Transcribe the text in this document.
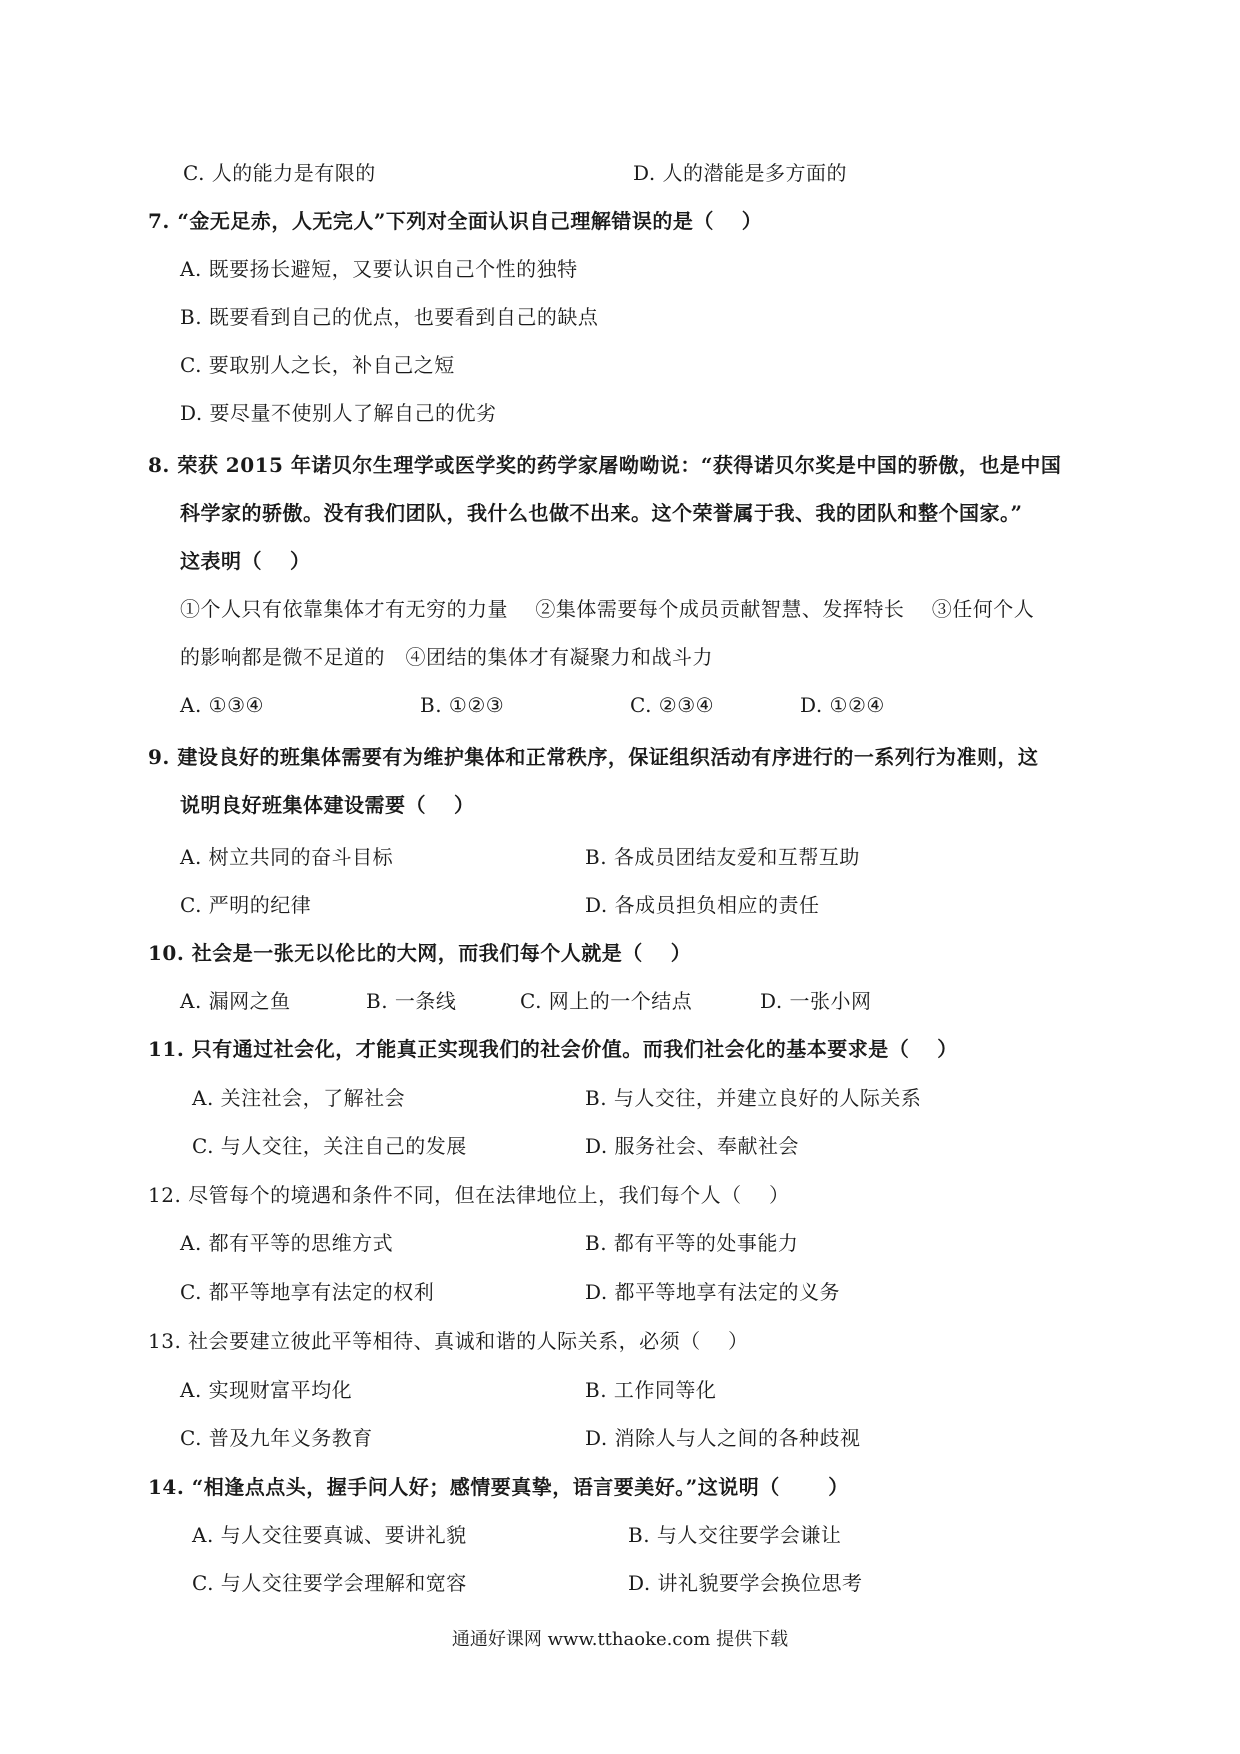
C. 人的能力是有限的	D. 人的潜能是多方面的
7. “金无足赤，人无完人”下列对全面认识自己理解错误的是（　 ）
A. 既要扬长避短，又要认识自己个性的独特
B. 既要看到自己的优点，也要看到自己的缺点
C. 要取别人之长，补自己之短
D. 要尽量不使别人了解自己的优劣
8. 荣获 2015 年诺贝尔生理学或医学奖的药学家屠呦呦说：“获得诺贝尔奖是中国的骄傲，也是中国
科学家的骄傲。没有我们团队，我什么也做不出来。这个荣誉属于我、我的团队和整个国家。”
这表明（　 ）
①个人只有依靠集体才有无穷的力量　 ②集体需要每个成员贡献智慧、发挥特长　 ③任何个人
的影响都是微不足道的　④团结的集体才有凝聚力和战斗力
A. ①③④	B. ①②③	C. ②③④	D. ①②④
9. 建设良好的班集体需要有为维护集体和正常秩序，保证组织活动有序进行的一系列行为准则，这
说明良好班集体建设需要（　 ）
A. 树立共同的奋斗目标	B. 各成员团结友爱和互帮互助
C. 严明的纪律	D. 各成员担负相应的责任
10. 社会是一张无以伦比的大网，而我们每个人就是（　 ）
A. 漏网之鱼	B. 一条线	C. 网上的一个结点	D. 一张小网
11. 只有通过社会化，才能真正实现我们的社会价值。而我们社会化的基本要求是（　 ）
A. 关注社会，了解社会	B. 与人交往，并建立良好的人际关系
C. 与人交往，关注自己的发展	D. 服务社会、奉献社会
12. 尽管每个的境遇和条件不同，但在法律地位上，我们每个人（　 ）
A. 都有平等的思维方式	B. 都有平等的处事能力
C. 都平等地享有法定的权利	D. 都平等地享有法定的义务
13. 社会要建立彼此平等相待、真诚和谐的人际关系，必须（　 ）
A. 实现财富平均化	B. 工作同等化
C. 普及九年义务教育	D. 消除人与人之间的各种歧视
14. “相逢点点头，握手问人好；感情要真挚，语言要美好。”这说明（　　 ）
A. 与人交往要真诚、要讲礼貌	B. 与人交往要学会谦让
C. 与人交往要学会理解和宽容	D. 讲礼貌要学会换位思考
通通好课网 www.tthaoke.com 提供下载
